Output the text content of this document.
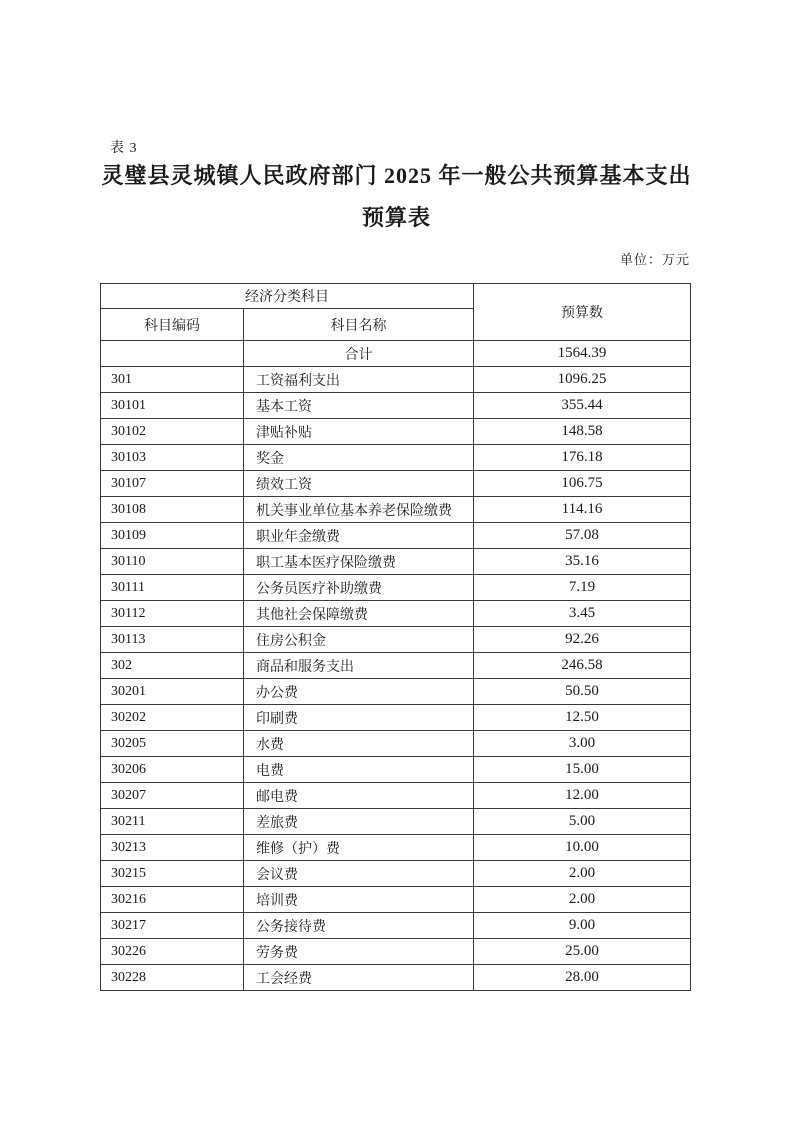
表 3
灵璧县灵城镇人民政府部门 2025 年一般公共预算基本支出
预算表
单位：万元
经济分类科目		预算数
科目编码	科目名称	
	合计	1564.39
301	工资福利支出	1096.25
30101	基本工资	355.44
30102	津贴补贴	148.58
30103	奖金	176.18
30107	绩效工资	106.75
30108	机关事业单位基本养老保险缴费	114.16
30109	职业年金缴费	57.08
30110	职工基本医疗保险缴费	35.16
30111	公务员医疗补助缴费	7.19
30112	其他社会保障缴费	3.45
30113	住房公积金	92.26
302	商品和服务支出	246.58
30201	办公费	50.50
30202	印刷费	12.50
30205	水费	3.00
30206	电费	15.00
30207	邮电费	12.00
30211	差旅费	5.00
30213	维修（护）费	10.00
30215	会议费	2.00
30216	培训费	2.00
30217	公务接待费	9.00
30226	劳务费	25.00
30228	工会经费	28.00
